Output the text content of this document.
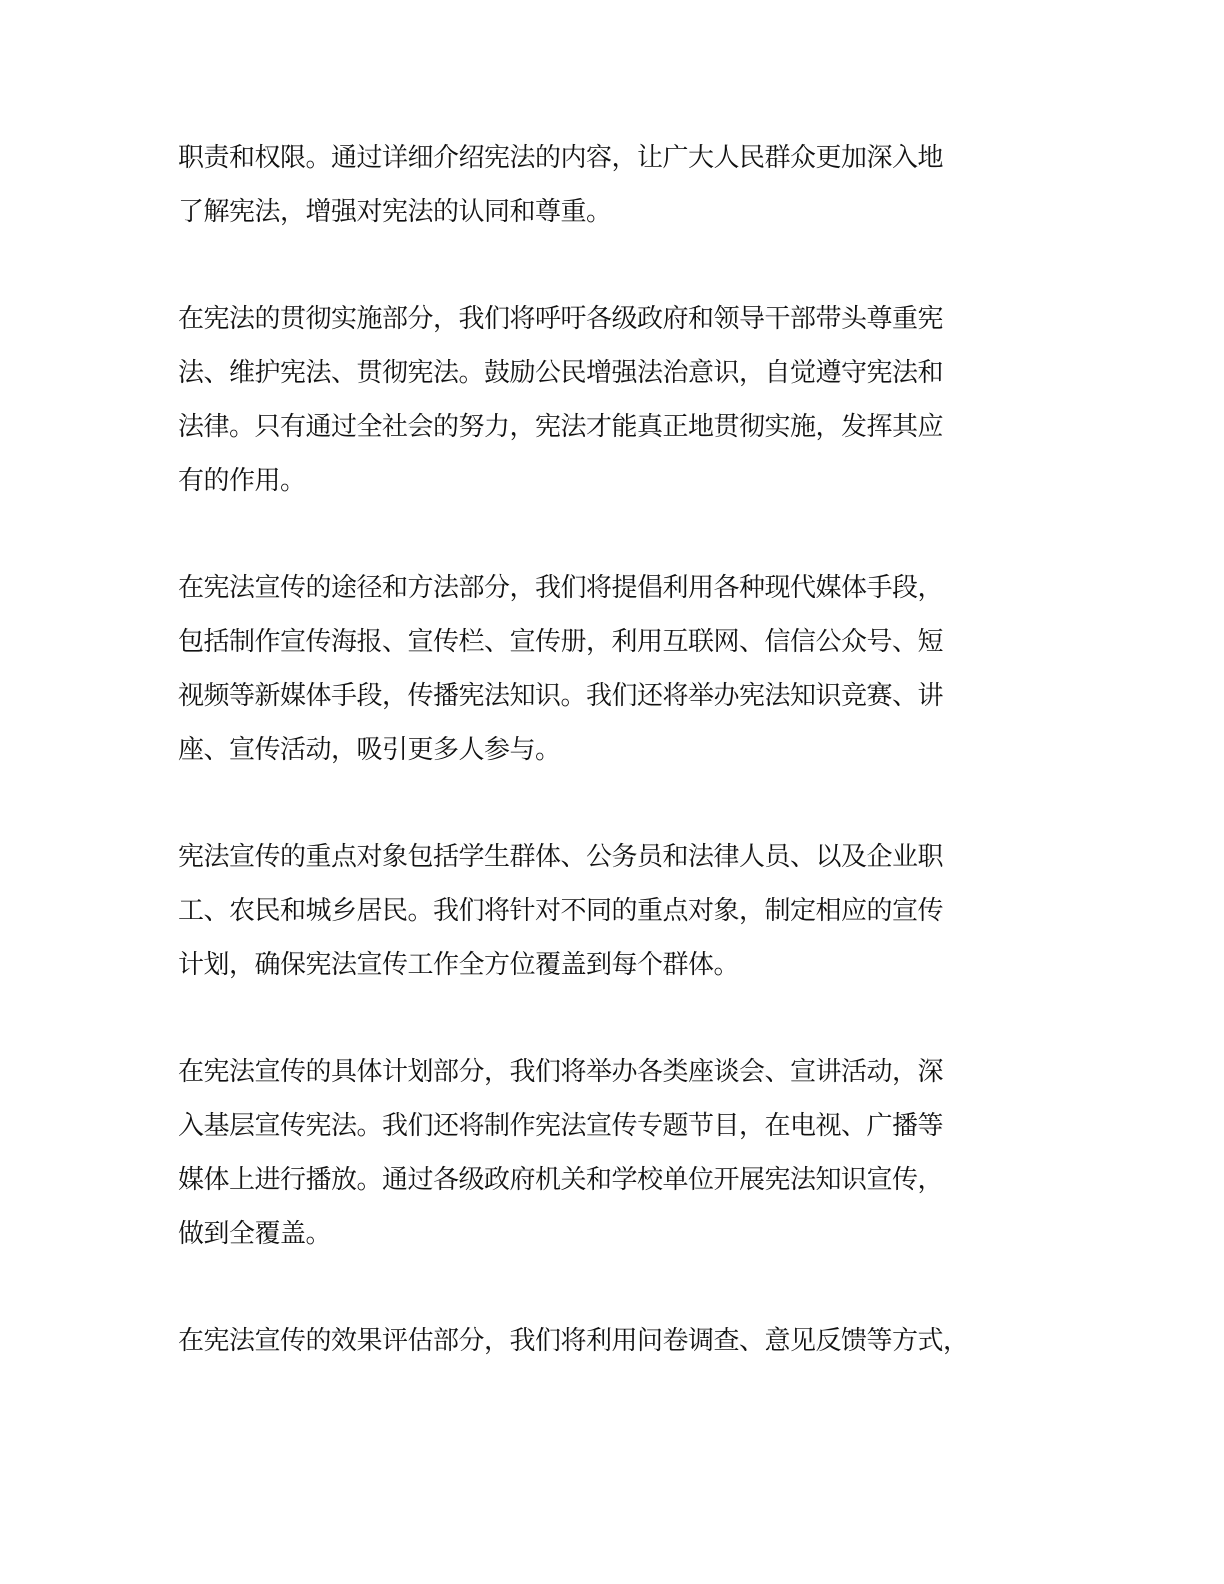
职责和权限。通过详细介绍宪法的内容，让广大人民群众更加深入地
了解宪法，增强对宪法的认同和尊重。

在宪法的贯彻实施部分，我们将呼吁各级政府和领导干部带头尊重宪
法、维护宪法、贯彻宪法。鼓励公民增强法治意识，自觉遵守宪法和
法律。只有通过全社会的努力，宪法才能真正地贯彻实施，发挥其应
有的作用。

在宪法宣传的途径和方法部分，我们将提倡利用各种现代媒体手段，
包括制作宣传海报、宣传栏、宣传册，利用互联网、信信公众号、短
视频等新媒体手段，传播宪法知识。我们还将举办宪法知识竞赛、讲
座、宣传活动，吸引更多人参与。

宪法宣传的重点对象包括学生群体、公务员和法律人员、以及企业职
工、农民和城乡居民。我们将针对不同的重点对象，制定相应的宣传
计划，确保宪法宣传工作全方位覆盖到每个群体。

在宪法宣传的具体计划部分，我们将举办各类座谈会、宣讲活动，深
入基层宣传宪法。我们还将制作宪法宣传专题节目，在电视、广播等
媒体上进行播放。通过各级政府机关和学校单位开展宪法知识宣传，
做到全覆盖。

在宪法宣传的效果评估部分，我们将利用问卷调查、意见反馈等方式，
